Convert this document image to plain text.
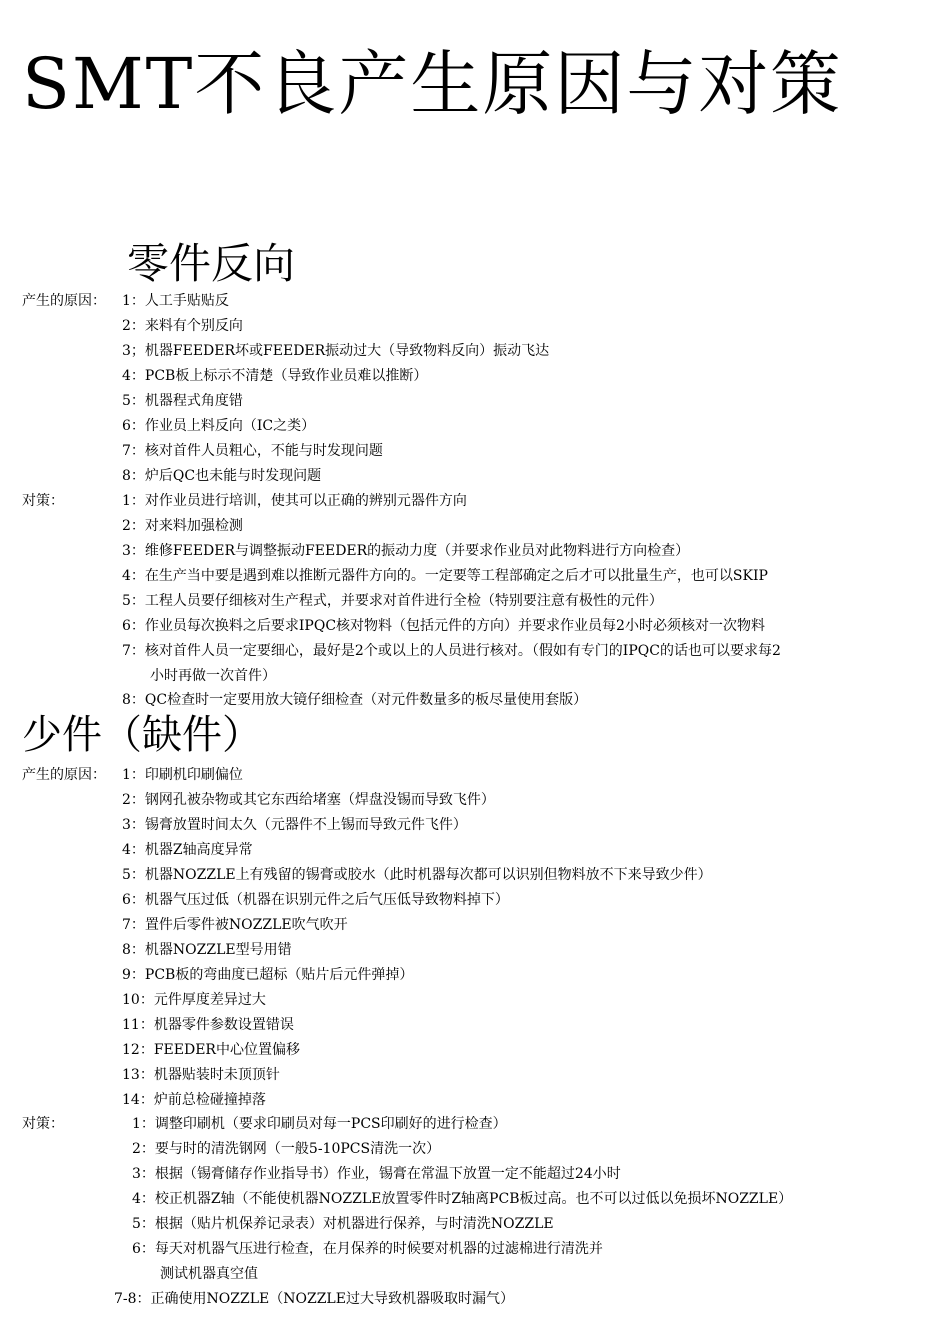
SMT不良产生原因与对策
零件反向
产生的原因： 1：人工手贴贴反
2：来料有个别反向
3；机器FEEDER坏或FEEDER振动过大（导致物料反向）振动飞达
4：PCB板上标示不清楚（导致作业员难以推断）
5：机器程式角度错
6：作业员上料反向（IC之类）
7：核对首件人员粗心，不能与时发现问题
8：炉后QC也未能与时发现问题
对策：	1：对作业员进行培训，使其可以正确的辨别元器件方向
2：对来料加强检测
3：维修FEEDER与调整振动FEEDER的振动力度（并要求作业员对此物料进行方向检查）
4：在生产当中要是遇到难以推断元器件方向的。一定要等工程部确定之后才可以批量生产，也可以SKIP
5：工程人员要仔细核对生产程式，并要求对首件进行全检（特别要注意有极性的元件）
6：作业员每次换料之后要求IPQC核对物料（包括元件的方向）并要求作业员每2小时必须核对一次物料
7：核对首件人员一定要细心，最好是2个或以上的人员进行核对。（假如有专门的IPQC的话也可以要求每2
小时再做一次首件）
8：QC检查时一定要用放大镜仔细检查（对元件数量多的板尽量使用套版）
少件（缺件）
产生的原因： 1：印刷机印刷偏位
2：钢网孔被杂物或其它东西给堵塞（焊盘没锡而导致飞件）
3：锡膏放置时间太久（元器件不上锡而导致元件飞件）
4：机器Z轴高度异常
5：机器NOZZLE上有残留的锡膏或胶水（此时机器每次都可以识别但物料放不下来导致少件）
6：机器气压过低（机器在识别元件之后气压低导致物料掉下）
7：置件后零件被NOZZLE吹气吹开
8：机器NOZZLE型号用错
9：PCB板的弯曲度已超标（贴片后元件弹掉）
10：元件厚度差异过大
11：机器零件参数设置错误
12：FEEDER中心位置偏移
13：机器贴装时未顶顶针
14：炉前总检碰撞掉落
对策：	1：调整印刷机（要求印刷员对每一PCS印刷好的进行检查）
2：要与时的清洗钢网（一般5-10PCS清洗一次）
3：根据（锡膏储存作业指导书）作业，锡膏在常温下放置一定不能超过24小时
4：校正机器Z轴（不能使机器NOZZLE放置零件时Z轴离PCB板过高。也不可以过低以免损坏NOZZLE）
5：根据（贴片机保养记录表）对机器进行保养，与时清洗NOZZLE
6：每天对机器气压进行检查，在月保养的时候要对机器的过滤棉进行清洗并
测试机器真空值
7-8：正确使用NOZZLE（NOZZLE过大导致机器吸取时漏气）
